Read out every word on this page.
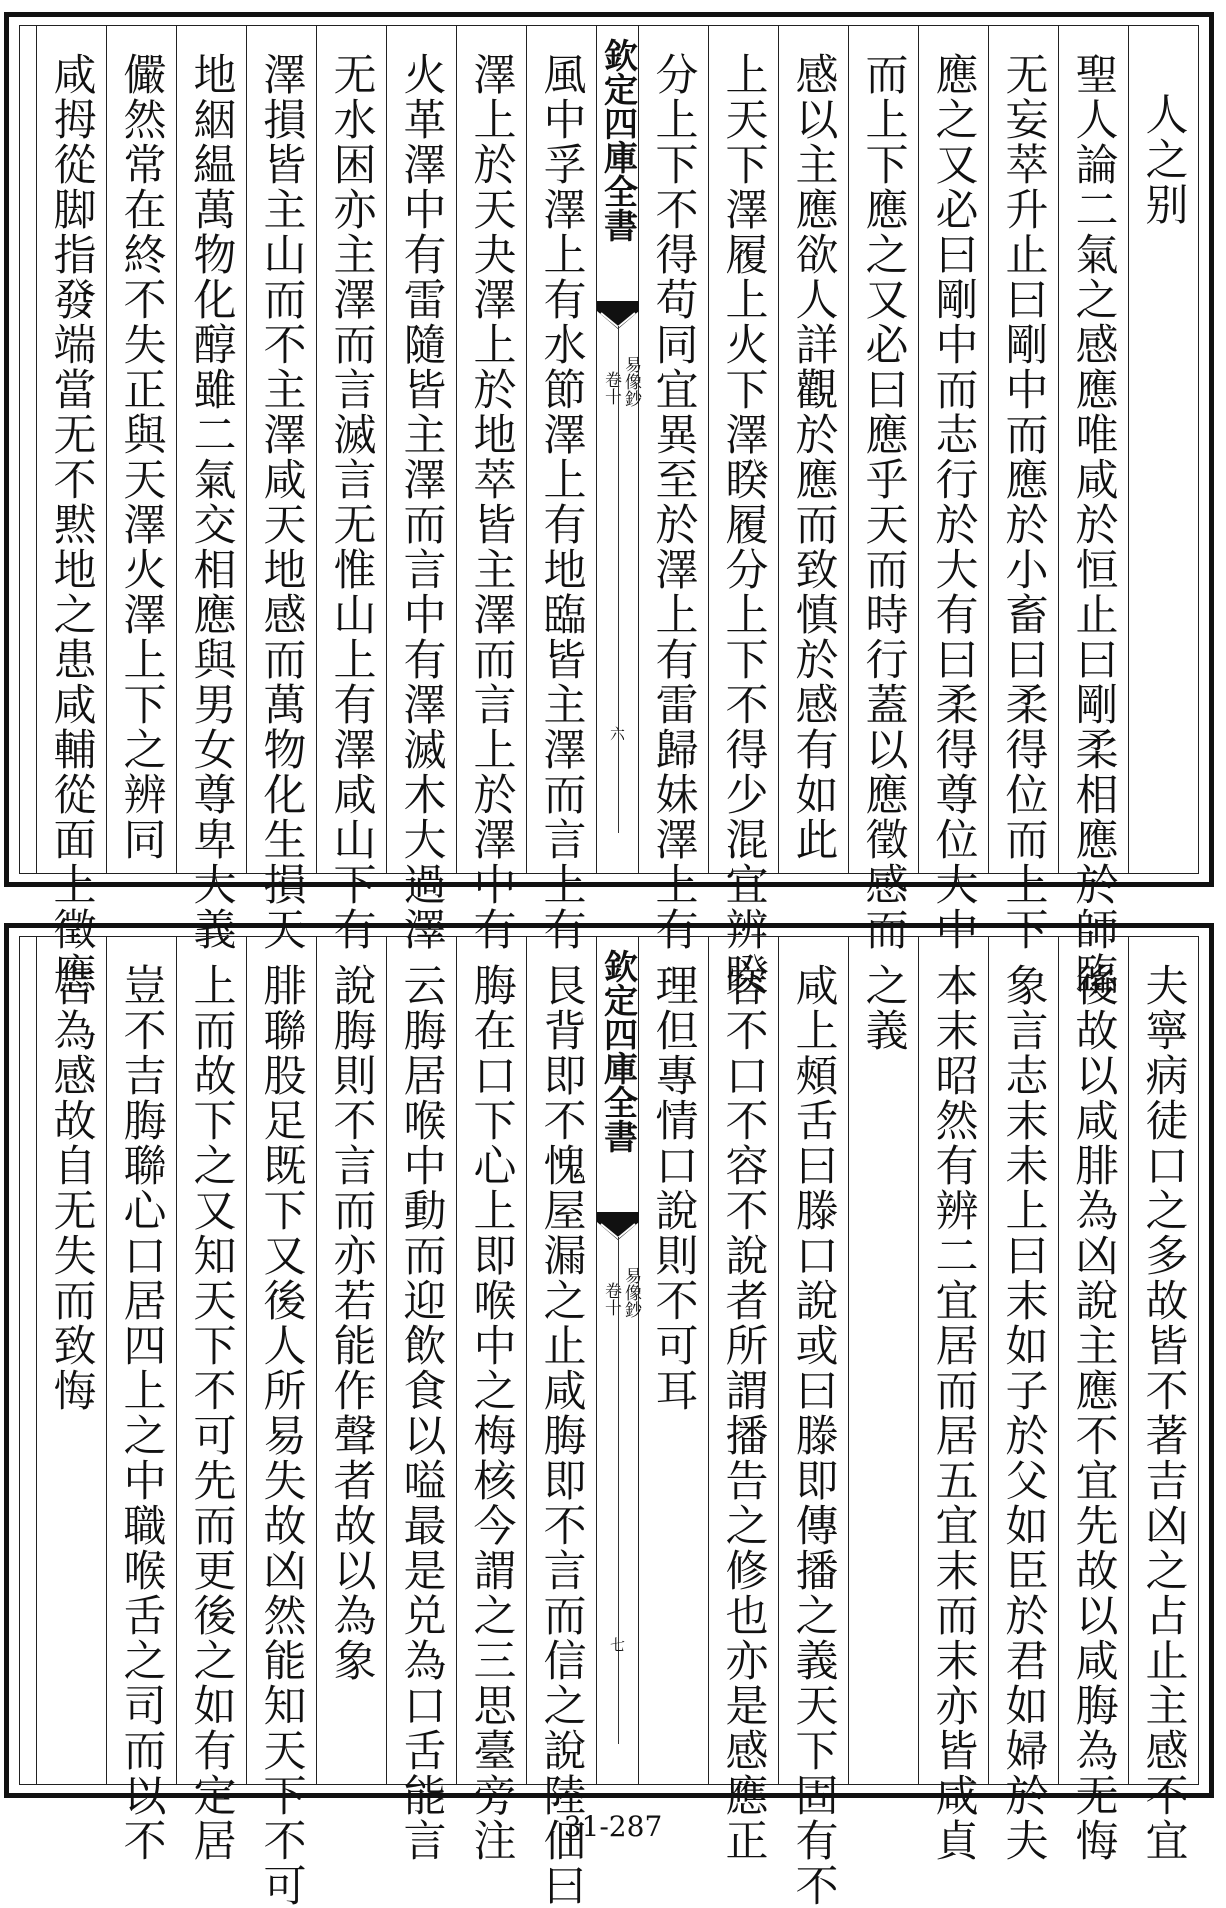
人之别
聖人論二氣之感應唯咸於恒止曰剛柔相應於師臨
无妄萃升止曰剛中而應於小畜曰柔得位而上下
應之又必曰剛中而志行於大有曰柔得尊位大中
而上下應之又必曰應乎天而時行蓋以應徵感而
感以主應欲人詳觀於應而致慎於感有如此
上天下澤履上火下澤睽履分上下不得少混宜辨睽
分上下不得苟同宜異至於澤上有雷歸妹澤上有
欽定四庫全書
易像鈔
卷十
六
風中孚澤上有水節澤上有地臨皆主澤而言上有
澤上於天夬澤上於地萃皆主澤而言上於澤中有
火革澤中有雷隨皆主澤而言中有澤滅木大過澤
无水困亦主澤而言滅言无惟山上有澤咸山下有
澤損皆主山而不主澤咸天地感而萬物化生損天
地絪緼萬物化醇雖二氣交相應與男女尊卑大義
儼然常在終不失正與天澤火澤上下之辨同
咸拇從脚指發端當无不黙地之患咸輔從面上徵應
夫寧病徒口之多故皆不著吉凶之占止主感不宜
後故以咸腓為凶說主應不宜先故以咸脢為无悔
象言志末未上曰末如子於父如臣於君如婦於夫
本末昭然有辨二宜居而居五宜末而末亦皆咸貞
之義
咸上頰舌曰滕口說或曰滕即傳播之義天下固有不
容不口不容不說者所謂播告之修也亦是感應正
理但專情口說則不可耳
欽定四庫全書
易像鈔
卷十
七
艮背即不愧屋漏之止咸脢即不言而信之說陸佃曰
脢在口下心上即喉中之梅核今謂之三思臺旁注
云脢居喉中動而迎飲食以嗌最是兑為口舌能言
說脢則不言而亦若能作聲者故以為象
腓聯股足既下又後人所易失故凶然能知天下不可
上而故下之又知天下不可先而更後之如有定居
豈不吉脢聯心口居四上之中職喉舌之司而以不
言為感故自无失而致悔
31-287
